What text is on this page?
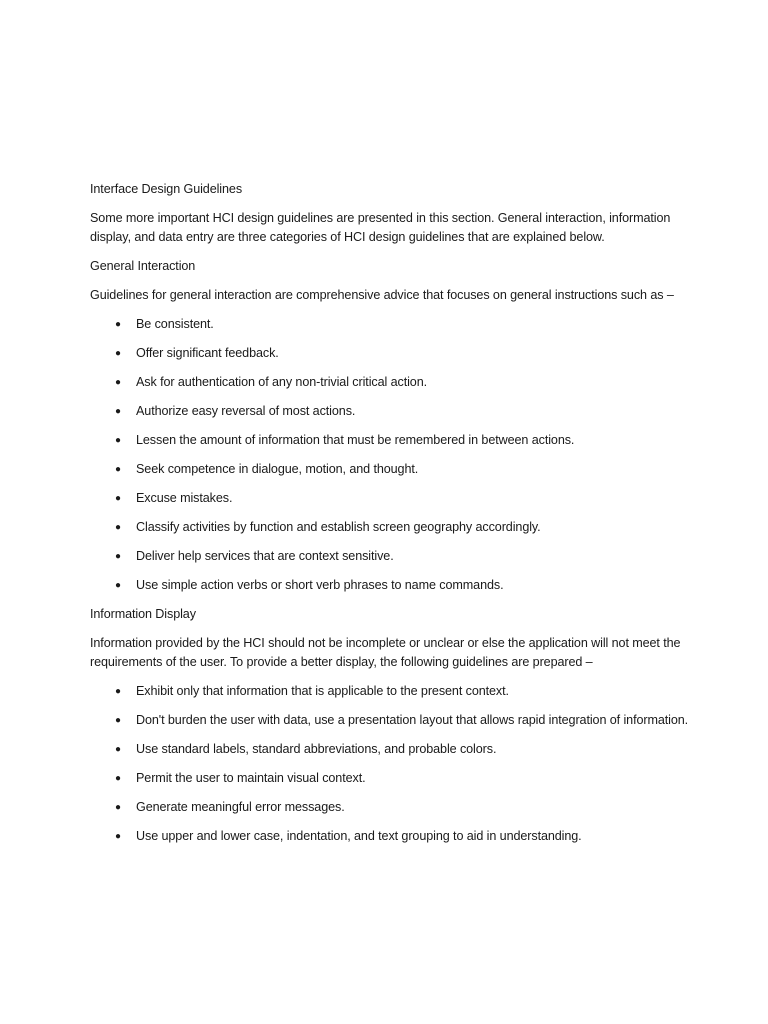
Interface Design Guidelines

Some more important HCI design guidelines are presented in this section. General interaction, information display, and data entry are three categories of HCI design guidelines that are explained below.

General Interaction

Guidelines for general interaction are comprehensive advice that focuses on general instructions such as –

● Be consistent.
● Offer significant feedback.
● Ask for authentication of any non-trivial critical action.
● Authorize easy reversal of most actions.
● Lessen the amount of information that must be remembered in between actions.
● Seek competence in dialogue, motion, and thought.
● Excuse mistakes.
● Classify activities by function and establish screen geography accordingly.
● Deliver help services that are context sensitive.
● Use simple action verbs or short verb phrases to name commands.

Information Display

Information provided by the HCI should not be incomplete or unclear or else the application will not meet the requirements of the user. To provide a better display, the following guidelines are prepared –

● Exhibit only that information that is applicable to the present context.
● Don't burden the user with data, use a presentation layout that allows rapid integration of information.
● Use standard labels, standard abbreviations, and probable colors.
● Permit the user to maintain visual context.
● Generate meaningful error messages.
● Use upper and lower case, indentation, and text grouping to aid in understanding.
